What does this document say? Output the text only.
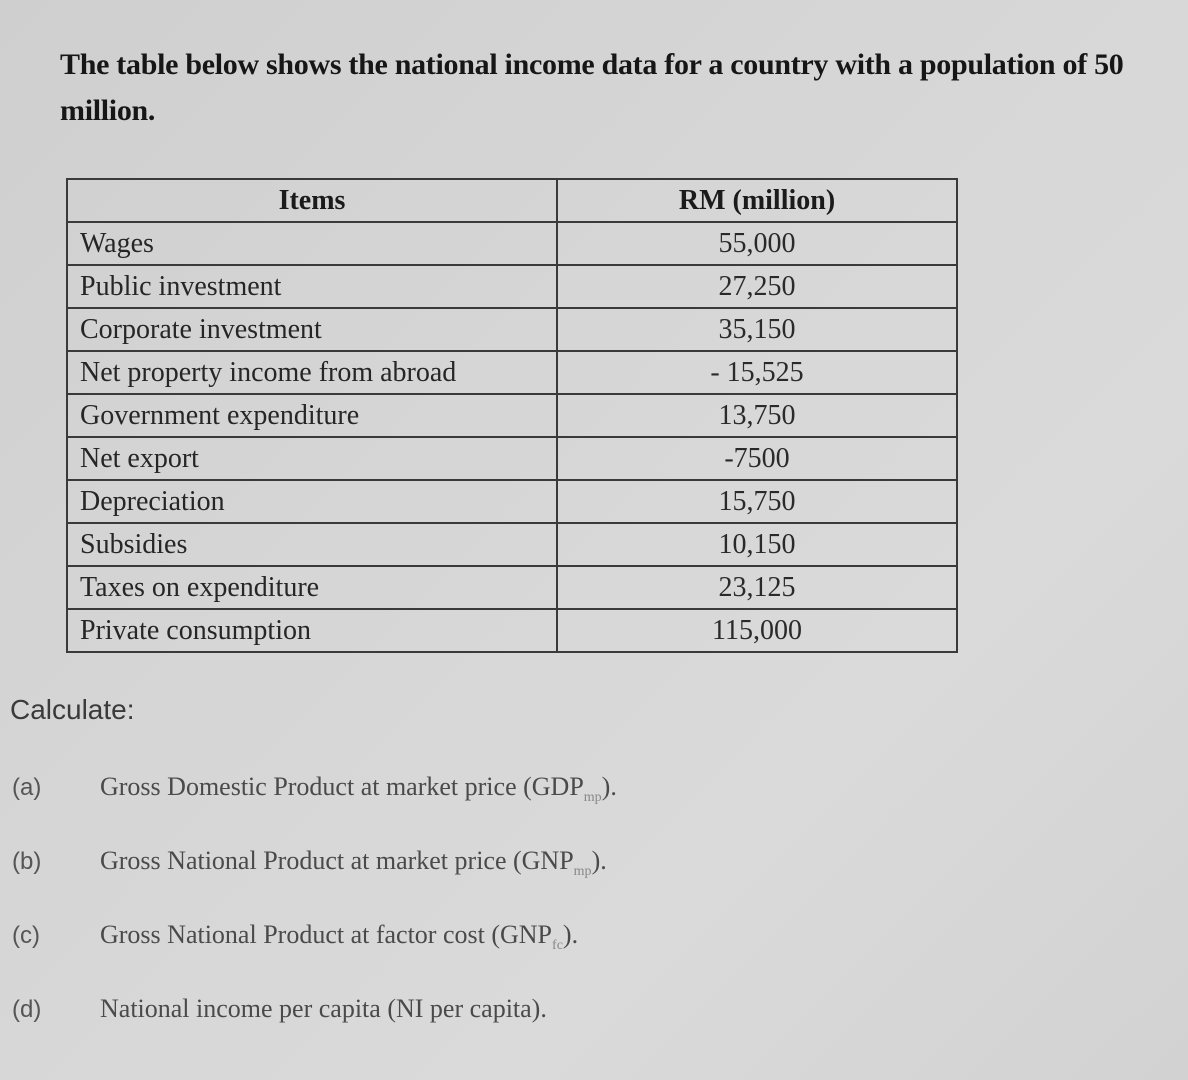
The table below shows the national income data for a country with a population of 50 million.
Items	RM (million)
Wages	55,000
Public investment	27,250
Corporate investment	35,150
Net property income from abroad	- 15,525
Government expenditure	13,750
Net export	-7500
Depreciation	15,750
Subsidies	10,150
Taxes on expenditure	23,125
Private consumption	115,000
Calculate:
(a)	Gross Domestic Product at market price $(GDP_{mp})$.
(b)	Gross National Product at market price $(GNP_{mp})$.
(c)	Gross National Product at factor cost $(GNP_{fc})$.
(d)	National income per capita (NI per capita).
